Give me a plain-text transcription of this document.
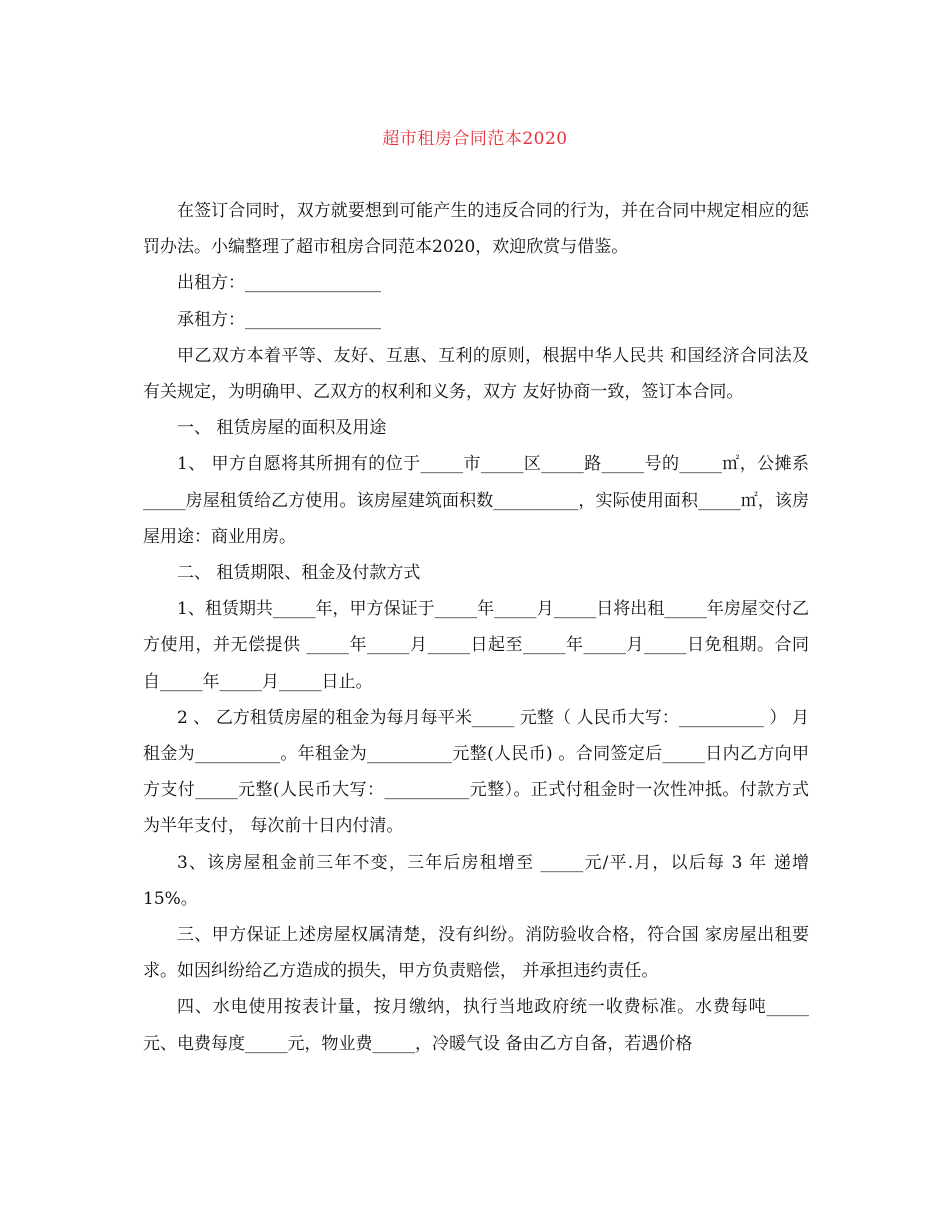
超市租房合同范本2020

在签订合同时，双方就要想到可能产生的违反合同的行为，并在合同中规定相应的惩罚办法。小编整理了超市租房合同范本2020，欢迎欣赏与借鉴。

出租方：________________

承租方：________________

甲乙双方本着平等、友好、互惠、互利的原则，根据中华人民共 和国经济合同法及有关规定，为明确甲、乙双方的权利和义务，双方 友好协商一致，签订本合同。

一、 租赁房屋的面积及用途

1、 甲方自愿将其所拥有的位于_____市_____区_____路_____号的_____㎡，公摊系_____房屋租赁给乙方使用。该房屋建筑面积数__________，实际使用面积_____㎡，该房屋用途：商业用房。

二、 租赁期限、租金及付款方式

1、租赁期共_____年，甲方保证于_____年_____月_____日将出租_____年房屋交付乙方使用，并无偿提供 _____年_____月_____日起至_____年_____月_____日免租期。合同自_____年_____月_____日止。

2 、 乙方租赁房屋的租金为每月每平米_____ 元整（ 人民币大写：__________ ） 月租金为__________。年租金为__________元整(人民币) 。合同签定后_____日内乙方向甲方支付_____元整(人民币大写：__________元整）。正式付租金时一次性冲抵。付款方式为半年支付， 每次前十日内付清。

3、该房屋租金前三年不变，三年后房租增至 _____元/平.月，以后每 3 年 递增 15%。

三、甲方保证上述房屋权属清楚，没有纠纷。消防验收合格，符合国 家房屋出租要求。如因纠纷给乙方造成的损失，甲方负责赔偿， 并承担违约责任。

四、水电使用按表计量，按月缴纳，执行当地政府统一收费标准。水费每吨_____元、电费每度_____元，物业费_____，冷暖气设 备由乙方自备，若遇价格
